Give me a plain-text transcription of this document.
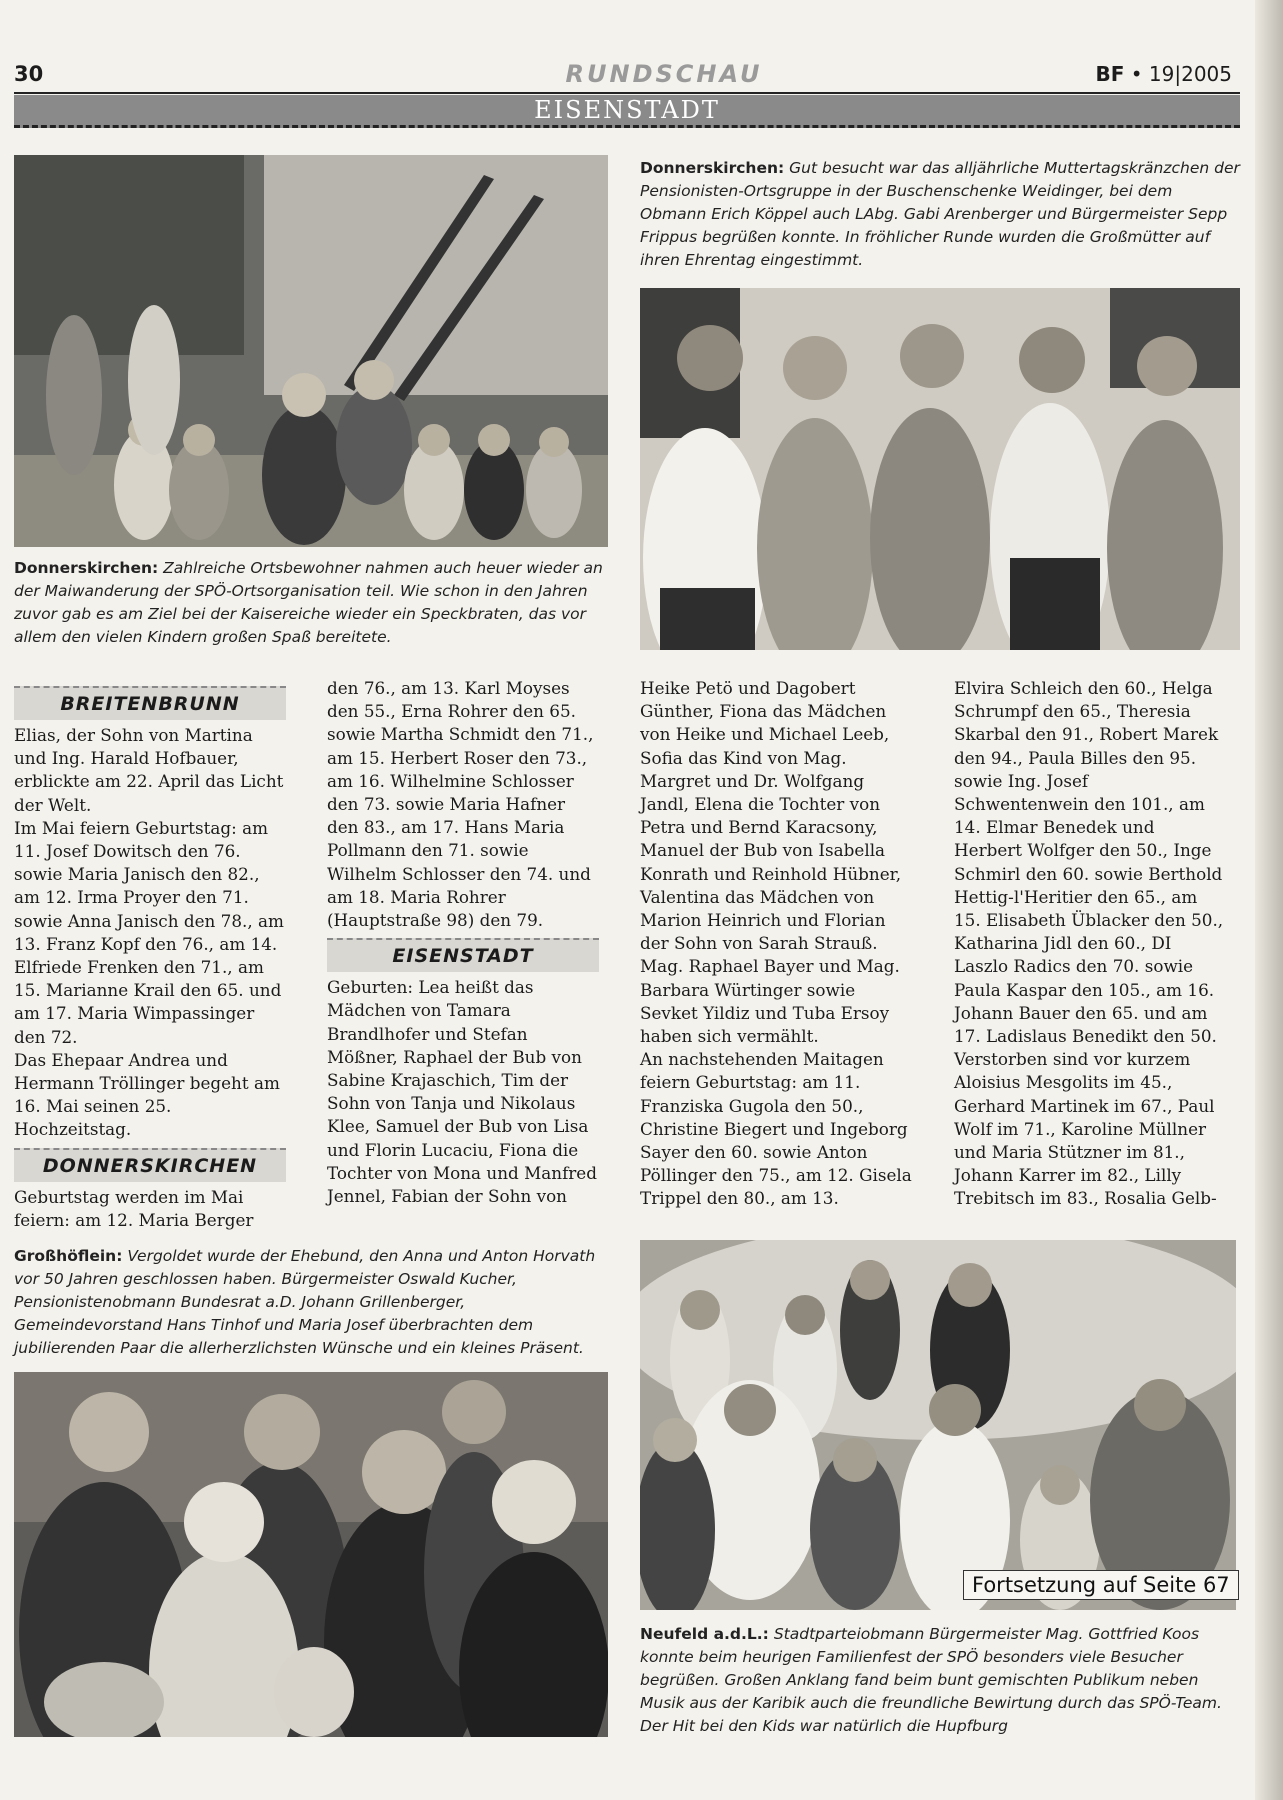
30	RUNDSCHAU	BF • 19|2005
EISENSTADT
Fortsetzung auf Seite 67
Donnerskirchen: Zahlreiche Ortsbewohner nahmen auch heuer wieder an der Maiwanderung der SPÖ-Ortsorganisation teil. Wie schon in den Jahren zuvor gab es am Ziel bei der Kaisereiche wieder ein Speckbraten, das vor allem den vielen Kindern großen Spaß bereitete.
Donnerskirchen: Gut besucht war das alljährliche Muttertagskränzchen der Pensionisten-Ortsgruppe in der Buschenschenke Weidinger, bei dem Obmann Erich Köppel auch LAbg. Gabi Arenberger und Bürgermeister Sepp Frippus begrüßen konnte. In fröhlicher Runde wurden die Großmütter auf ihren Ehrentag eingestimmt.
Großhöflein: Vergoldet wurde der Ehebund, den Anna und Anton Horvath vor 50 Jahren geschlossen haben. Bürgermeister Oswald Kucher, Pensionistenobmann Bundesrat a.D. Johann Grillenberger, Gemeindevorstand Hans Tinhof und Maria Josef überbrachten dem jubilierenden Paar die allerherzlichsten Wünsche und ein kleines Präsent.
Neufeld a.d.L.: Stadtparteiobmann Bürgermeister Mag. Gottfried Koos konnte beim heurigen Familienfest der SPÖ besonders viele Besucher begrüßen. Großen Anklang fand beim bunt gemischten Publikum neben Musik aus der Karibik auch die freundliche Bewirtung durch das SPÖ-Team. Der Hit bei den Kids war natürlich die Hupfburg
BREITENBRUNN

Elias, der Sohn von Martina und Ing. Harald Hofbauer, erblickte am 22. April das Licht der Welt.

Im Mai feiern Geburtstag: am 11. Josef Dowitsch den 76. sowie Maria Janisch den 82., am 12. Irma Proyer den 71. sowie Anna Janisch den 78., am 13. Franz Kopf den 76., am 14. Elfriede Frenken den 71., am 15. Marianne Krail den 65. und am 17. Maria Wimpassinger den 72.

Das Ehepaar Andrea und Hermann Tröllinger begeht am 16. Mai seinen 25. Hochzeitstag.

DONNERSKIRCHEN

Geburtstag werden im Mai feiern: am 12. Maria Berger

den 76., am 13. Karl Moyses den 55., Erna Rohrer den 65. sowie Martha Schmidt den 71., am 15. Herbert Roser den 73., am 16. Wilhelmine Schlosser den 73. sowie Maria Hafner den 83., am 17. Hans Maria Pollmann den 71. sowie Wilhelm Schlosser den 74. und am 18. Maria Rohrer (Hauptstraße 98) den 79.

EISENSTADT

Geburten: Lea heißt das Mädchen von Tamara Brandlhofer und Stefan Mößner, Raphael der Bub von Sabine Krajaschich, Tim der Sohn von Tanja und Nikolaus Klee, Samuel der Bub von Lisa und Florin Lucaciu, Fiona die Tochter von Mona und Manfred Jennel, Fabian der Sohn von

Heike Petö und Dagobert Günther, Fiona das Mädchen von Heike und Michael Leeb, Sofia das Kind von Mag. Margret und Dr. Wolfgang Jandl, Elena die Tochter von Petra und Bernd Karacsony, Manuel der Bub von Isabella Konrath und Reinhold Hübner, Valentina das Mädchen von Marion Heinrich und Florian der Sohn von Sarah Strauß.

Mag. Raphael Bayer und Mag. Barbara Würtinger sowie Sevket Yildiz und Tuba Ersoy haben sich vermählt.

An nachstehenden Maitagen feiern Geburtstag: am 11. Franziska Gugola den 50., Christine Biegert und Ingeborg Sayer den 60. sowie Anton Pöllinger den 75., am 12. Gisela Trippel den 80., am 13.

Elvira Schleich den 60., Helga Schrumpf den 65., Theresia Skarbal den 91., Robert Marek den 94., Paula Billes den 95. sowie Ing. Josef Schwentenwein den 101., am 14. Elmar Benedek und Herbert Wolfger den 50., Inge Schmirl den 60. sowie Berthold Hettig-l'Heritier den 65., am 15. Elisabeth Üblacker den 50., Katharina Jidl den 60., DI Laszlo Radics den 70. sowie Paula Kaspar den 105., am 16. Johann Bauer den 65. und am 17. Ladislaus Benedikt den 50.

Verstorben sind vor kurzem Aloisius Mesgolits im 45., Gerhard Martinek im 67., Paul Wolf im 71., Karoline Müllner und Maria Stützner im 81., Johann Karrer im 82., Lilly Trebitsch im 83., Rosalia Gelb-
